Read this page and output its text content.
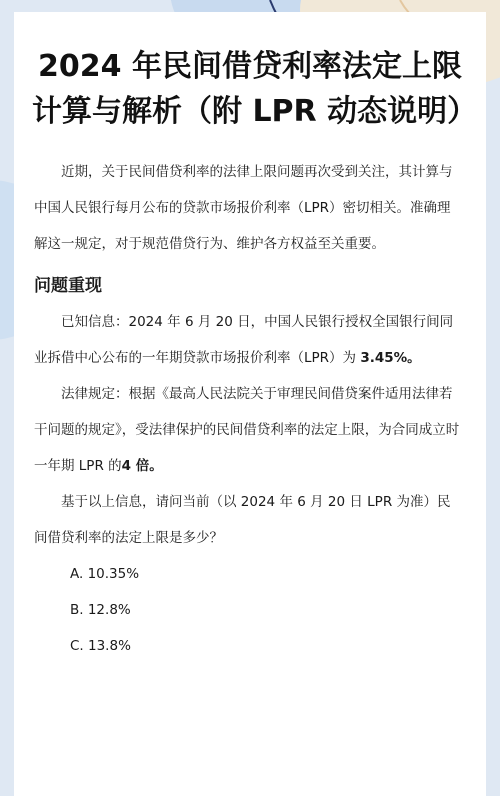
2024 年民间借贷利率法定上限计算与解析（附 LPR 动态说明）

近期，关于民间借贷利率的法律上限问题再次受到关注，其计算与中国人民银行每月公布的贷款市场报价利率（LPR）密切相关。准确理解这一规定，对于规范借贷行为、维护各方权益至关重要。

问题重现

已知信息：2024 年 6 月 20 日，中国人民银行授权全国银行间同业拆借中心公布的一年期贷款市场报价利率（LPR）为 3.45%。

法律规定：根据《最高人民法院关于审理民间借贷案件适用法律若干问题的规定》，受法律保护的民间借贷利率的法定上限，为合同成立时一年期 LPR 的4 倍。

基于以上信息，请问当前（以 2024 年 6 月 20 日 LPR 为准）民间借贷利率的法定上限是多少？

A. 10.35%

B. 12.8%

C. 13.8%
